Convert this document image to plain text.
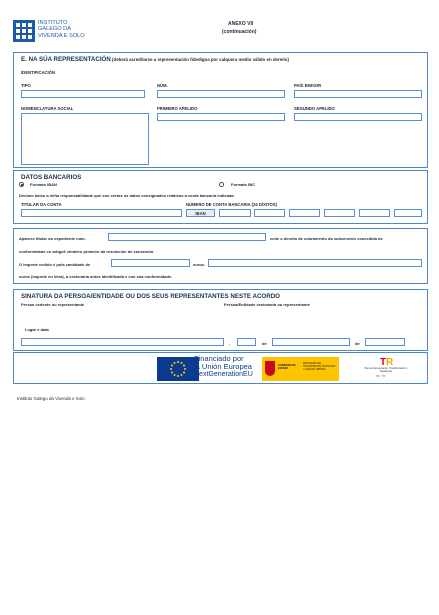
INSTITUTO
GALEGO DA
VIVENDA E SOLO
ANEXO VII
(continuación)
E. NA SÚA REPRESENTACIÓN (deberá acreditarse a representación fidedigna por calquera medio válido en dereito)
IDENTIFICACIÓN
TIPO	NÚM.	PAÍS EMISOR
NOMENCLATURA SOCIAL	PRIMEIRO APELIDO	SEGUNDO APELIDO
DATOS BANCARIOS
Formato IBAN	Formato BIC
Declaro baixo a miña responsabilidade que son certos os datos consignados relativos á conta bancaria indicada.
TITULAR DA CONTA	NÚMERO DE CONTA BANCARIA (24 DÍXITOS)
IBAN
Aparece titular do expediente núm.	cede o dereito de cobramento da subvención concedida de
conformidade co artigo6 vindeiro primeiro da resolución de concesión.
O importe cedido é pola cantidade de	euros.
euros (importe en letra), á cesionaria antes identificada e con súa conformidade.
SINATURA DA PERSOA/ENTIDADE OU DOS SEUS REPRESENTANTES NESTE ACORDO
Persoa cedente ou representante	Persoa/Entidade cesionaria ou representante
Lugar e data
,	de	de
Financiado por
la Unión Europea
NextGenerationEU
GOBIERNO DE ESPAÑA
MINISTERIO DE TRANSPORTES, MOVILIDAD Y AGENDA URBANA
T R
Plan de Recuperación, Transformación y Resiliencia
PR · TR
Instituto Galego da Vivenda e Solo
